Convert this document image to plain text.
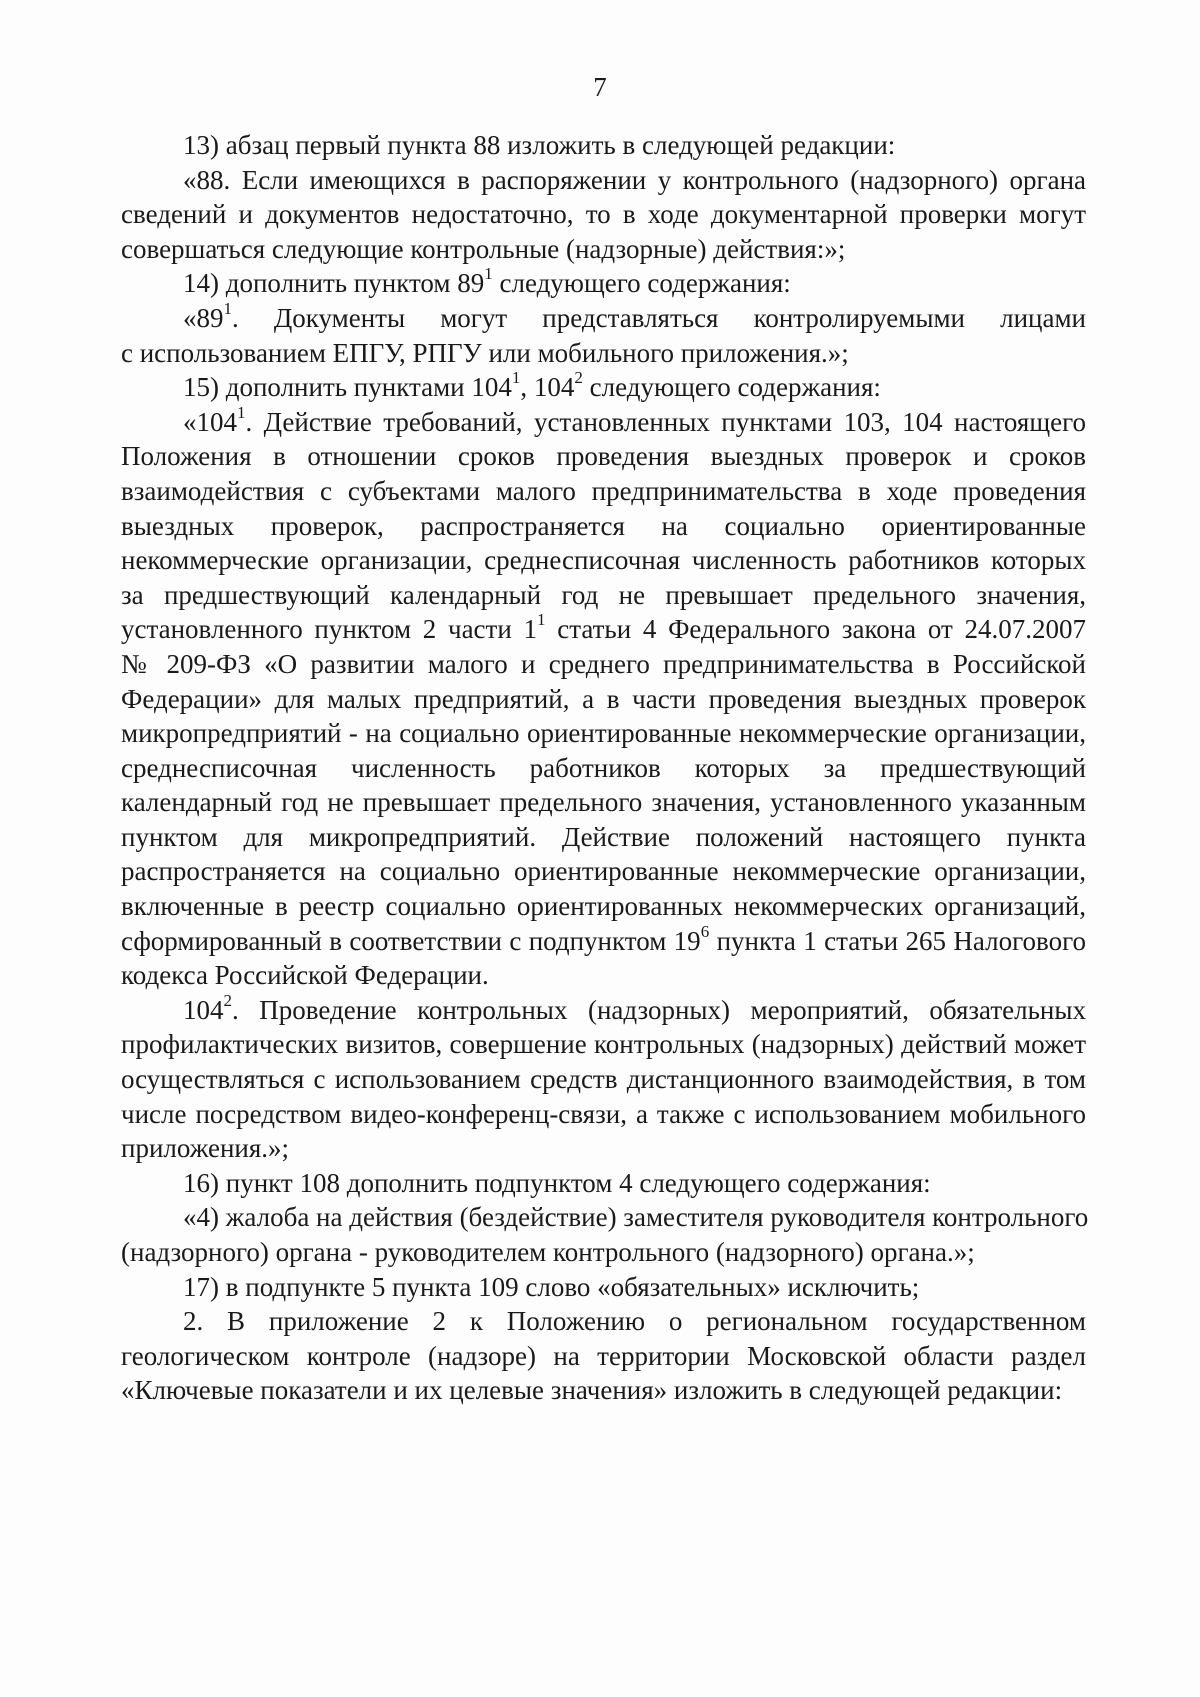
7
13) абзац первый пункта 88 изложить в следующей редакции:
«88. Если имеющихся в распоряжении у контрольного (надзорного) органа
сведений и документов недостаточно, то в ходе документарной проверки могут
совершаться следующие контрольные (надзорные) действия:»;
14) дополнить пунктом $89^1$ следующего содержания:
«$89^1$. Документы могут представляться контролируемыми лицами
с использованием ЕПГУ, РПГУ или мобильного приложения.»;
15) дополнить пунктами $104^1$, $104^2$ следующего содержания:
«$104^1$. Действие требований, установленных пунктами 103, 104 настоящего
Положения в отношении сроков проведения выездных проверок и сроков
взаимодействия с субъектами малого предпринимательства в ходе проведения
выездных проверок, распространяется на социально ориентированные
некоммерческие организации, среднесписочная численность работников которых
за предшествующий календарный год не превышает предельного значения,
установленного пунктом 2 части $1^1$ статьи 4 Федерального закона от 24.07.2007
№ 209-ФЗ «О развитии малого и среднего предпринимательства в Российской
Федерации» для малых предприятий, а в части проведения выездных проверок
микропредприятий - на социально ориентированные некоммерческие организации,
среднесписочная численность работников которых за предшествующий
календарный год не превышает предельного значения, установленного указанным
пунктом для микропредприятий. Действие положений настоящего пункта
распространяется на социально ориентированные некоммерческие организации,
включенные в реестр социально ориентированных некоммерческих организаций,
сформированный в соответствии с подпунктом $19^6$ пункта 1 статьи 265 Налогового
кодекса Российской Федерации.
$104^2$. Проведение контрольных (надзорных) мероприятий, обязательных
профилактических визитов, совершение контрольных (надзорных) действий может
осуществляться с использованием средств дистанционного взаимодействия, в том
числе посредством видео-конференц-связи, а также с использованием мобильного
приложения.»;
16) пункт 108 дополнить подпунктом 4 следующего содержания:
«4) жалоба на действия (бездействие) заместителя руководителя контрольного
(надзорного) органа - руководителем контрольного (надзорного) органа.»;
17) в подпункте 5 пункта 109 слово «обязательных» исключить;
2. В приложение 2 к Положению о региональном государственном
геологическом контроле (надзоре) на территории Московской области раздел
«Ключевые показатели и их целевые значения» изложить в следующей редакции:
